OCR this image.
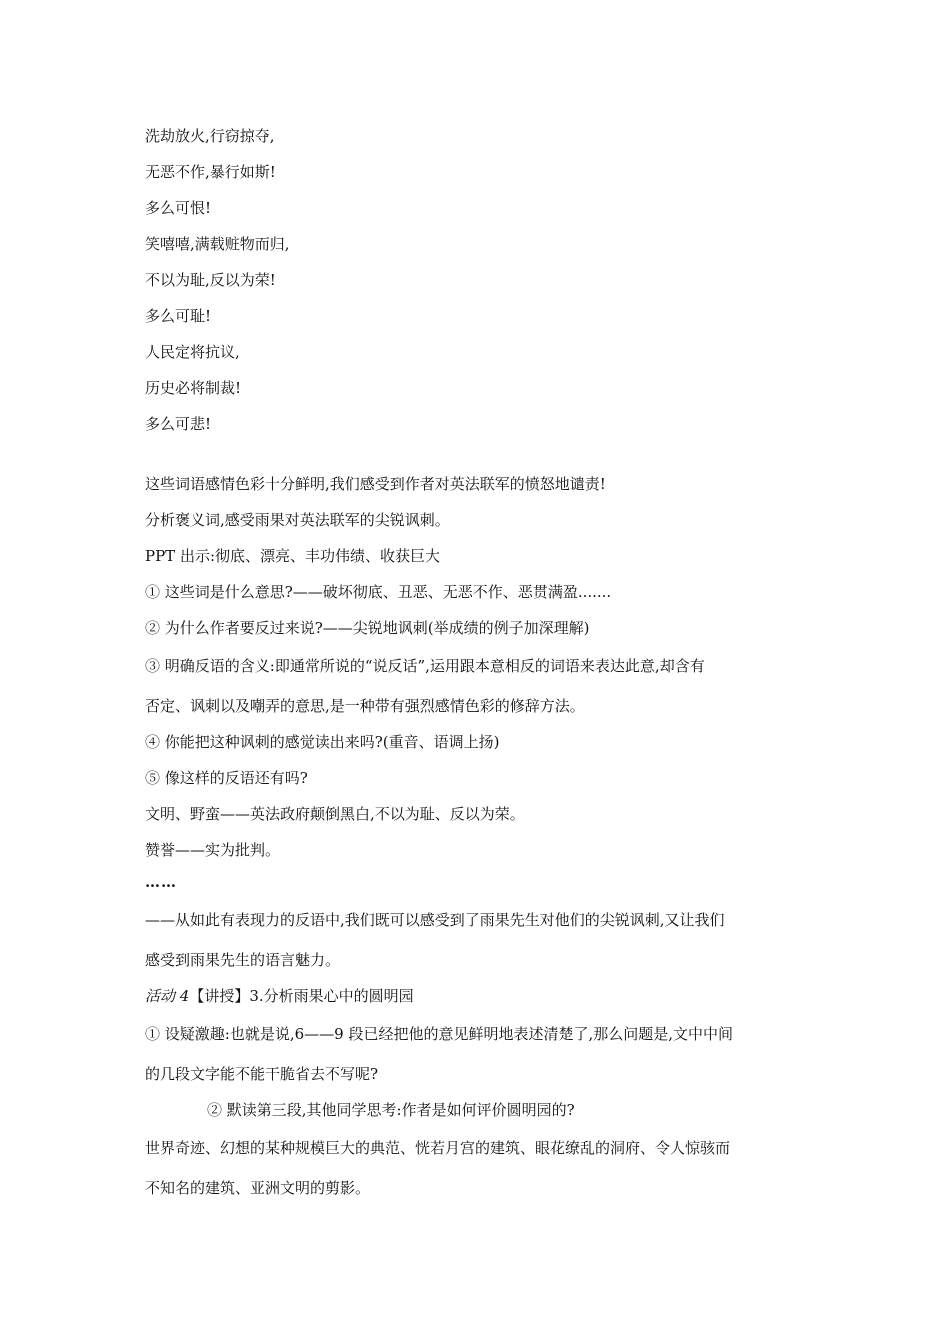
洗劫放火,行窃掠夺,
无恶不作,暴行如斯!
多么可恨!
笑嘻嘻,满载赃物而归,
不以为耻,反以为荣!
多么可耻!
人民定将抗议,
历史必将制裁!
多么可悲!
这些词语感情色彩十分鲜明,我们感受到作者对英法联军的愤怒地谴责!
分析褒义词,感受雨果对英法联军的尖锐讽刺。
PPT 出示:彻底、漂亮、丰功伟绩、收获巨大
① 这些词是什么意思?——破坏彻底、丑恶、无恶不作、恶贯满盈.......
② 为什么作者要反过来说?——尖锐地讽刺(举成绩的例子加深理解)
③ 明确反语的含义:即通常所说的“说反话”,运用跟本意相反的词语来表达此意,却含有
否定、讽刺以及嘲弄的意思,是一种带有强烈感情色彩的修辞方法。
④ 你能把这种讽刺的感觉读出来吗?(重音、语调上扬)
⑤ 像这样的反语还有吗?
文明、野蛮——英法政府颠倒黑白,不以为耻、反以为荣。
赞誉——实为批判。
……
——从如此有表现力的反语中,我们既可以感受到了雨果先生对他们的尖锐讽刺,又让我们
感受到雨果先生的语言魅力。
活动 4【讲授】3.分析雨果心中的圆明园
① 设疑激趣:也就是说,6——9 段已经把他的意见鲜明地表述清楚了,那么问题是,文中中间
的几段文字能不能干脆省去不写呢?
② 默读第三段,其他同学思考:作者是如何评价圆明园的?
世界奇迹、幻想的某种规模巨大的典范、恍若月宫的建筑、眼花缭乱的洞府、令人惊骇而
不知名的建筑、亚洲文明的剪影。
